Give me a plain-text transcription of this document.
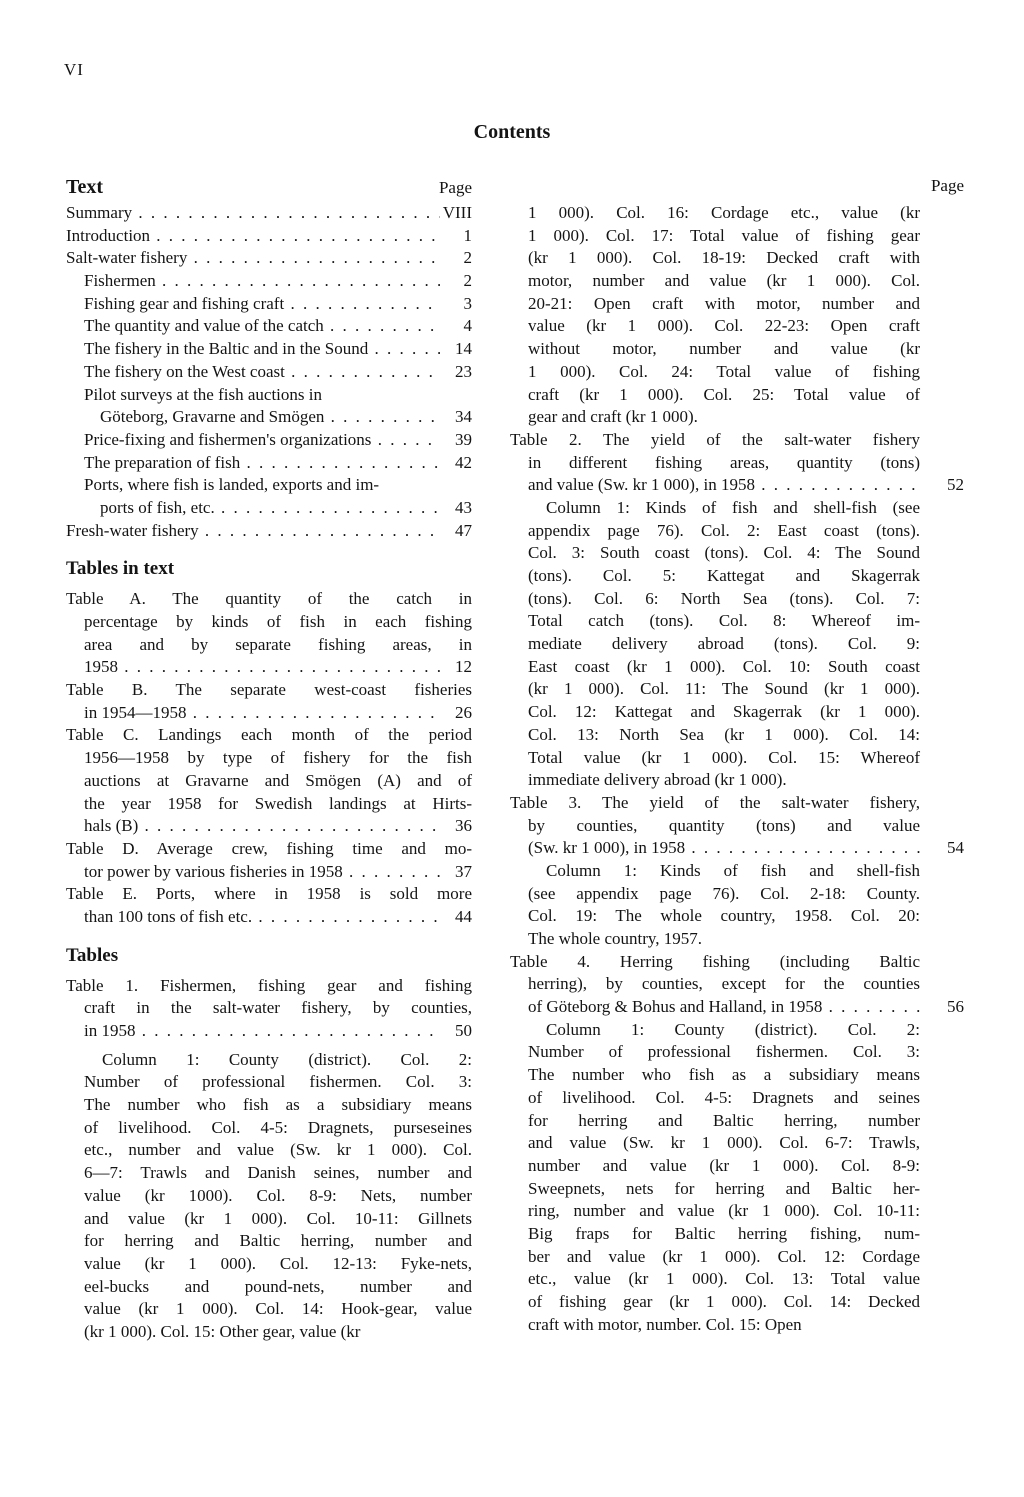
VI
Contents
Text	Page
Summary . . .	VIII
Introduction . . .	1
Salt-water fishery . . .	2
Fishermen . . .	2
Fishing gear and fishing craft . . .	3
The quantity and value of the catch . . .	4
The fishery in the Baltic and in the Sound . . .	14
The fishery on the West coast . . .	23
Pilot surveys at the fish auctions in
Göteborg, Gravarne and Smögen . . .	34
Price-fixing and fishermen's organizations . . .	39
The preparation of fish . . .	42
Ports, where fish is landed, exports and im-
ports of fish, etc. . . .	43
Fresh-water fishery . . .	47
Tables in text
Table A. The quantity of the catch in
percentage by kinds of fish in each fishing
area and by separate fishing areas, in
1958 . . .	12
Table B. The separate west-coast fisheries
in 1954—1958 . . .	26
Table C. Landings each month of the period
1956—1958 by type of fishery for the fish
auctions at Gravarne and Smögen (A) and of
the year 1958 for Swedish landings at Hirts-
hals (B) . . .	36
Table D. Average crew, fishing time and mo-
tor power by various fisheries in 1958 . . .	37
Table E. Ports, where in 1958 is sold more
than 100 tons of fish etc. . . .	44
Tables
Table 1. Fishermen, fishing gear and fishing
craft in the salt-water fishery, by counties,
in 1958 . . .	50
Column 1: County (district). Col. 2:
Number of professional fishermen. Col. 3:
The number who fish as a subsidiary means
of livelihood. Col. 4-5: Dragnets, purseseines
etc., number and value (Sw. kr 1 000). Col.
6—7: Trawls and Danish seines, number and
value (kr 1000). Col. 8-9: Nets, number
and value (kr 1 000). Col. 10-11: Gillnets
for herring and Baltic herring, number and
value (kr 1 000). Col. 12-13: Fyke-nets,
eel-bucks and pound-nets, number and
value (kr 1 000). Col. 14: Hook-gear, value
(kr 1 000). Col. 15: Other gear, value (kr
Page
1 000). Col. 16: Cordage etc., value (kr
1 000). Col. 17: Total value of fishing gear
(kr 1 000). Col. 18-19: Decked craft with
motor, number and value (kr 1 000). Col.
20-21: Open craft with motor, number and
value (kr 1 000). Col. 22-23: Open craft
without motor, number and value (kr
1 000). Col. 24: Total value of fishing
craft (kr 1 000). Col. 25: Total value of
gear and craft (kr 1 000).
Table 2. The yield of the salt-water fishery
in different fishing areas, quantity (tons)
and value (Sw. kr 1 000), in 1958 . . .	52
Column 1: Kinds of fish and shell-fish (see
appendix page 76). Col. 2: East coast (tons).
Col. 3: South coast (tons). Col. 4: The Sound
(tons). Col. 5: Kattegat and Skagerrak
(tons). Col. 6: North Sea (tons). Col. 7:
Total catch (tons). Col. 8: Whereof im-
mediate delivery abroad (tons). Col. 9:
East coast (kr 1 000). Col. 10: South coast
(kr 1 000). Col. 11: The Sound (kr 1 000).
Col. 12: Kattegat and Skagerrak (kr 1 000).
Col. 13: North Sea (kr 1 000). Col. 14:
Total value (kr 1 000). Col. 15: Whereof
immediate delivery abroad (kr 1 000).
Table 3. The yield of the salt-water fishery,
by counties, quantity (tons) and value
(Sw. kr 1 000), in 1958 . . .	54
Column 1: Kinds of fish and shell-fish
(see appendix page 76). Col. 2-18: County.
Col. 19: The whole country, 1958. Col. 20:
The whole country, 1957.
Table 4. Herring fishing (including Baltic
herring), by counties, except for the counties
of Göteborg & Bohus and Halland, in 1958 . . .	56
Column 1: County (district). Col. 2:
Number of professional fishermen. Col. 3:
The number who fish as a subsidiary means
of livelihood. Col. 4-5: Dragnets and seines
for herring and Baltic herring, number
and value (Sw. kr 1 000). Col. 6-7: Trawls,
number and value (kr 1 000). Col. 8-9:
Sweepnets, nets for herring and Baltic her-
ring, number and value (kr 1 000). Col. 10-11:
Big fraps for Baltic herring fishing, num-
ber and value (kr 1 000). Col. 12: Cordage
etc., value (kr 1 000). Col. 13: Total value
of fishing gear (kr 1 000). Col. 14: Decked
craft with motor, number. Col. 15: Open
